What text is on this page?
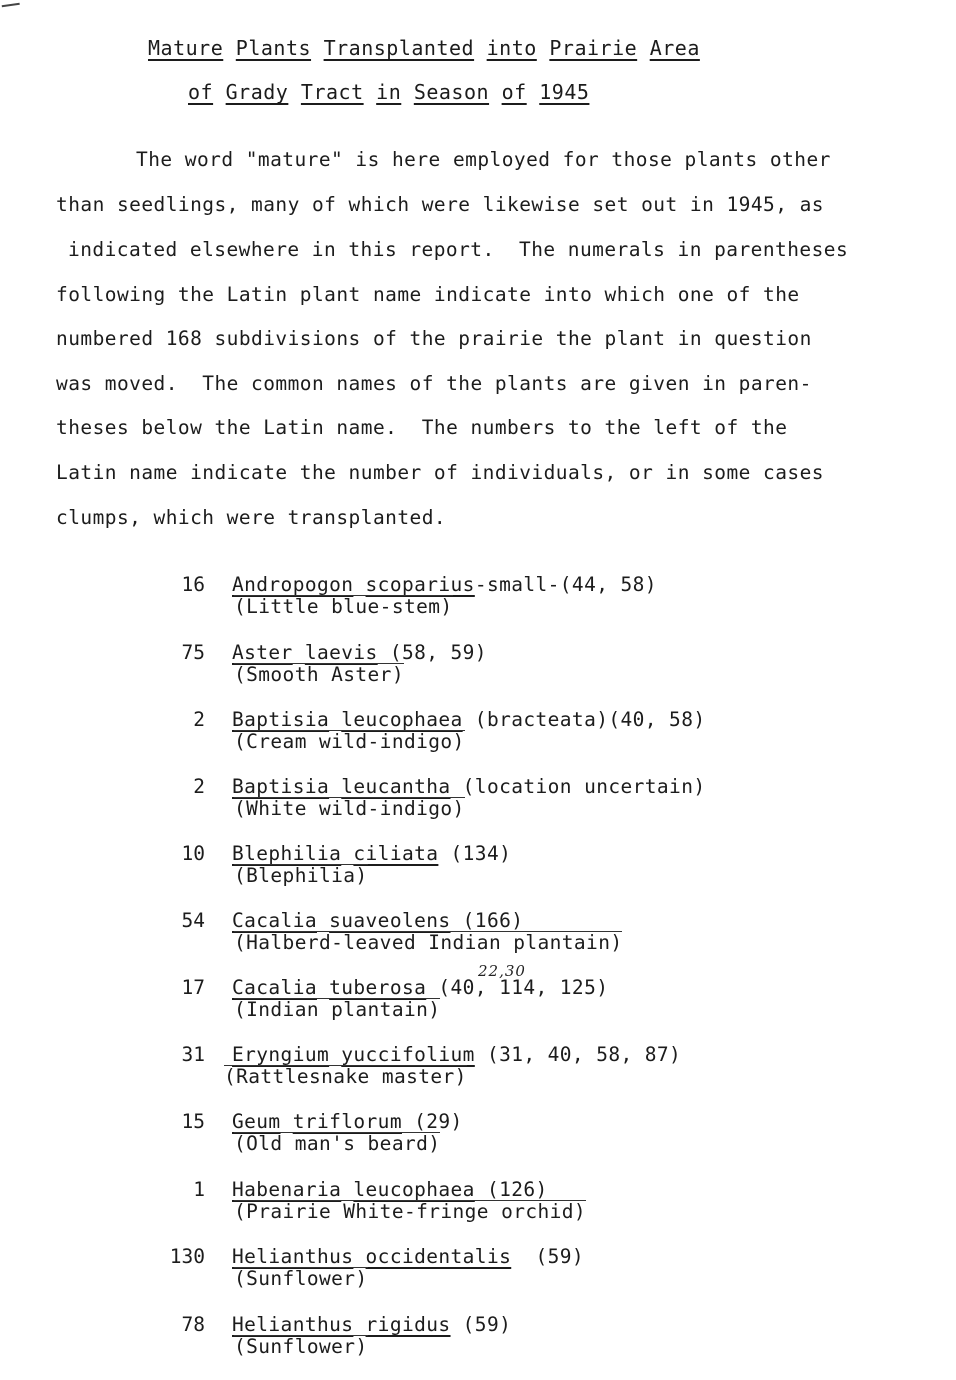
Mature Plants Transplanted into Prairie Area
of Grady Tract in Season of 1945
The word "mature" is here employed for those plants other
than seedlings, many of which were likewise set out in 1945, as
indicated elsewhere in this report.  The numerals in parentheses
following the Latin plant name indicate into which one of the
numbered 168 subdivisions of the prairie the plant in question
was moved.  The common names of the plants are given in paren-
theses below the Latin name.  The numbers to the left of the
Latin name indicate the number of individuals, or in some cases
clumps, which were transplanted.
16 Andropogon scoparius-small-(44, 58)
(Little blue-stem)
75 Aster laevis (58, 59)
(Smooth Aster)
2 Baptisia leucophaea (bracteata)(40, 58)
(Cream wild-indigo)
2 Baptisia leucantha (location uncertain)
(White wild-indigo)
10 Blephilia ciliata (134)
(Blephilia)
54 Cacalia suaveolens (166)
(Halberd-leaved Indian plantain)
22,30
17 Cacalia tuberosa (40, 114, 125)
(Indian plantain)
31 Eryngium yuccifolium (31, 40, 58, 87)
(Rattlesnake master)
15 Geum triflorum (29)
(Old man's beard)
1 Habenaria leucophaea (126)
(Prairie White-fringe orchid)
130 Helianthus occidentalis  (59)
(Sunflower)
78 Helianthus rigidus (59)
(Sunflower)
